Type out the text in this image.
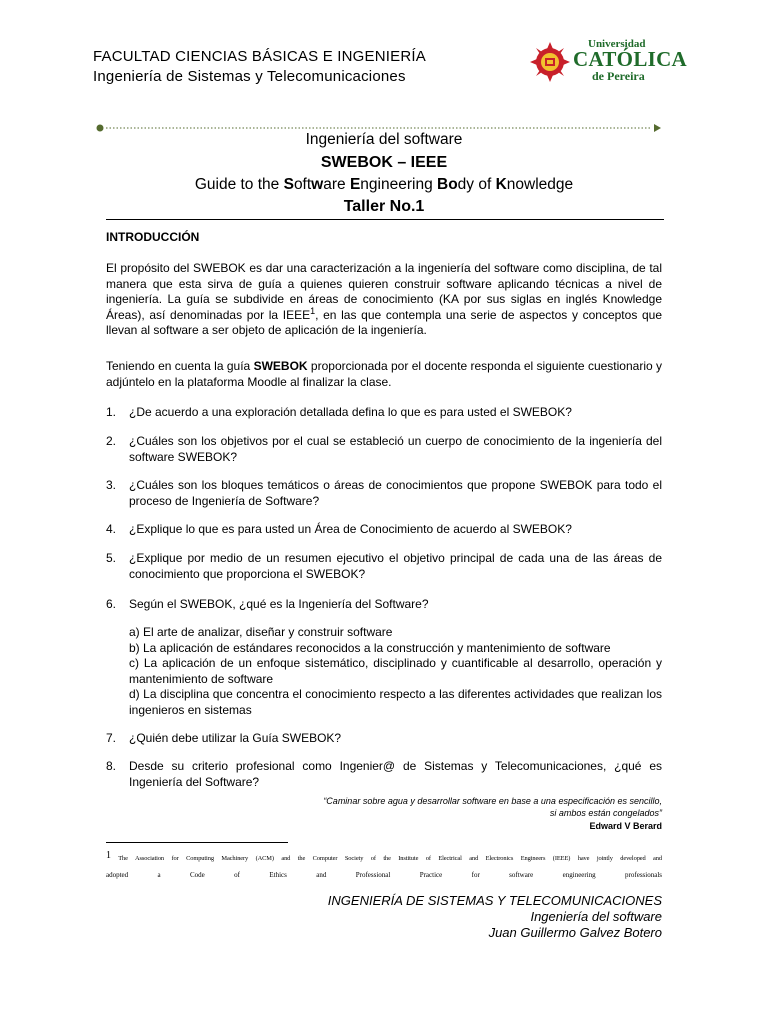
FACULTAD CIENCIAS BÁSICAS E INGENIERÍA
Ingeniería de Sistemas y Telecomunicaciones
Universidad
CATÓLICA
de Pereira
Ingeniería del software
SWEBOK – IEEE
Guide to the Software Engineering Body of Knowledge
Taller No.1
INTRODUCCIÓN
El propósito del SWEBOK es dar una caracterización a la ingeniería del software como disciplina, de tal
manera que esta sirva de guía a quienes quieren construir software aplicando técnicas a nivel de
ingeniería. La guía se subdivide en áreas de conocimiento (KA por sus siglas en inglés Knowledge
Áreas), así denominadas por la IEEE$^1$, en las que contempla una serie de aspectos y conceptos que
llevan al software a ser objeto de aplicación de la ingeniería.
Teniendo en cuenta la guía SWEBOK proporcionada por el docente responda el siguiente cuestionario y
adjúntelo en la plataforma Moodle al finalizar la clase.
1. ¿De acuerdo a una exploración detallada defina lo que es para usted el SWEBOK?
2. ¿Cuáles son los objetivos por el cual se estableció un cuerpo de conocimiento de la ingeniería del software SWEBOK?
3. ¿Cuáles son los bloques temáticos o áreas de conocimientos que propone SWEBOK para todo el proceso de Ingeniería de Software?
4. ¿Explique lo que es para usted un Área de Conocimiento de acuerdo al SWEBOK?
5. ¿Explique por medio de un resumen ejecutivo el objetivo principal de cada una de las áreas de conocimiento que proporciona el SWEBOK?
6. Según el SWEBOK, ¿qué es la Ingeniería del Software?
a) El arte de analizar, diseñar y construir software
b) La aplicación de estándares reconocidos a la construcción y mantenimiento de software
c) La aplicación de un enfoque sistemático, disciplinado y cuantificable al desarrollo, operación y mantenimiento de software
d) La disciplina que concentra el conocimiento respecto a las diferentes actividades que realizan los ingenieros en sistemas
7. ¿Quién debe utilizar la Guía SWEBOK?
8. Desde su criterio profesional como Ingenier@ de Sistemas y Telecomunicaciones, ¿qué es Ingeniería del Software?
“Caminar sobre agua y desarrollar software en base a una especificación es sencillo,
si ambos están congelados”
Edward V Berard
1 The Association for Computing Machinery (ACM) and the Computer Society of the Institute of Electrical and Electronics Engineers (IEEE) have jointly developed and
adopted a Code of Ethics and Professional Practice for software engineering professionals
INGENIERÍA DE SISTEMAS Y TELECOMUNICACIONES
Ingeniería del software
Juan Guillermo Galvez Botero
